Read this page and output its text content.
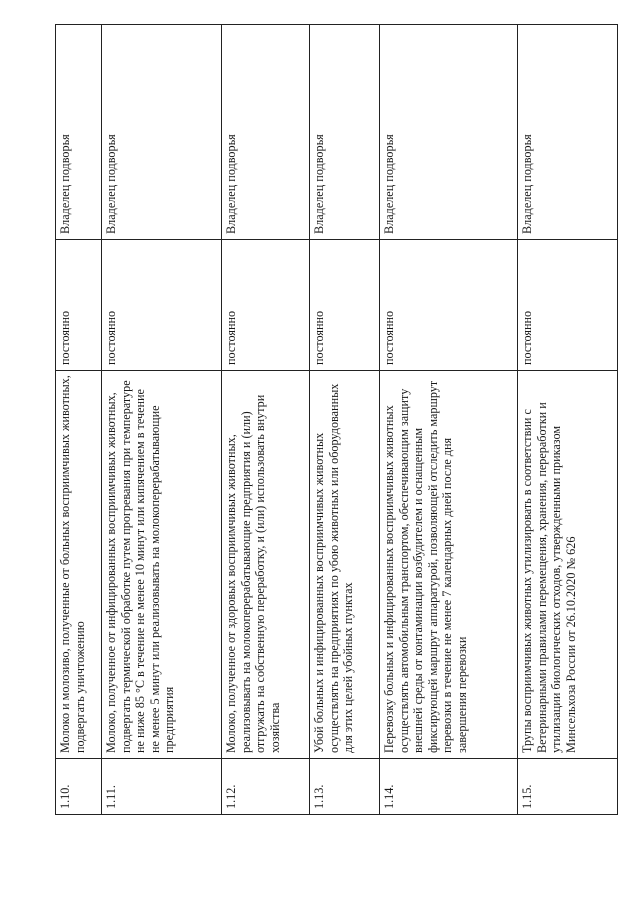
1.10.	Молоко и молозиво, полученные от больных восприимчивых животных, подвергать уничтожению	постоянно	Владелец подворья
1.11.	Молоко, полученное от инфицированных восприимчивых животных, подвергать термической обработке путем прогревания при температуре не ниже 85 °С в течение не менее 10 минут или кипячением в течение не менее 5 минут или реализовывать на молокоперерабатывающие предприятия	постоянно	Владелец подворья
1.12.	Молоко, полученное от здоровых восприимчивых животных, реализовывать на молокоперерабатывающие предприятия и (или) отгружать на собственную переработку, и (или) использовать внутри хозяйства	постоянно	Владелец подворья
1.13.	Убой больных и инфицированных восприимчивых животных осуществлять на предприятиях по убою животных или оборудованных для этих целей убойных пунктах	постоянно	Владелец подворья
1.14.	Перевозку больных и инфицированных восприимчивых животных осуществлять автомобильным транспортом, обеспечивающим защиту внешней среды от контаминации возбудителем и оснащенным фиксирующей маршрут аппаратурой, позволяющей отследить маршрут перевозки в течение не менее 7 календарных дней после дня завершения перевозки	постоянно	Владелец подворья
1.15.	Трупы восприимчивых животных утилизировать в соответствии с Ветеринарными правилами перемещения, хранения, переработки и утилизации биологических отходов, утвержденными приказом Минсельхоза России от 26.10.2020 № 626	постоянно	Владелец подворья
